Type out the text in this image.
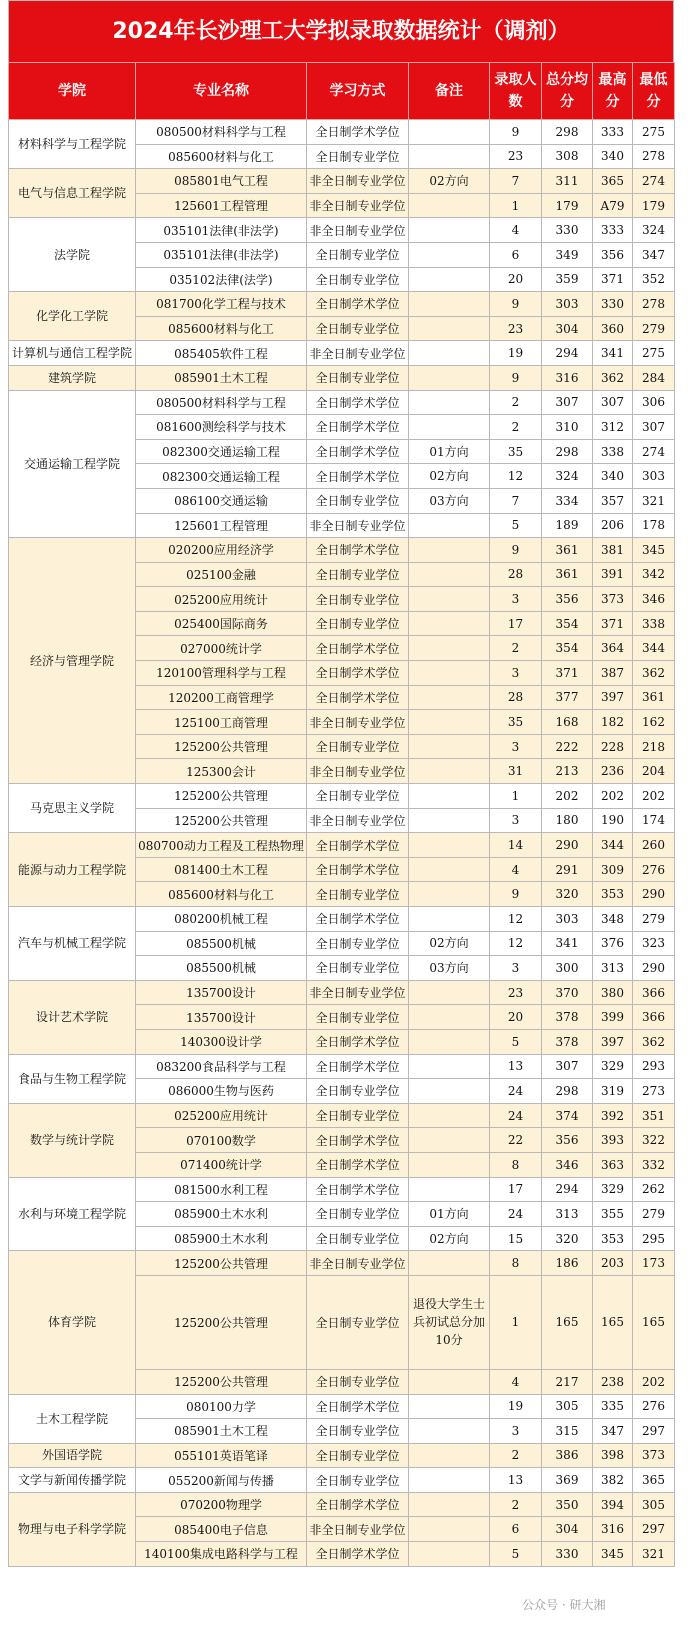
2024年长沙理工大学拟录取数据统计（调剂）
学院	专业名称	学习方式	备注	录取人数	总分均分	最高分	最低分
材料科学与工程学院	080500材料科学与工程	全日制学术学位		9	298	333	275
	085600材料与化工	全日制专业学位		23	308	340	278
电气与信息工程学院	085801电气工程	非全日制专业学位	02方向	7	311	365	274
	125601工程管理	非全日制专业学位		1	179	A79	179
法学院	035101法律(非法学)	非全日制专业学位		4	330	333	324
	035101法律(非法学)	全日制专业学位		6	349	356	347
	035102法律(法学)	全日制专业学位		20	359	371	352
化学化工学院	081700化学工程与技术	全日制学术学位		9	303	330	278
	085600材料与化工	全日制专业学位		23	304	360	279
计算机与通信工程学院	085405软件工程	非全日制专业学位		19	294	341	275
建筑学院	085901土木工程	全日制专业学位		9	316	362	284
交通运输工程学院	080500材料科学与工程	全日制学术学位		2	307	307	306
	081600测绘科学与技术	全日制学术学位		2	310	312	307
	082300交通运输工程	全日制学术学位	01方向	35	298	338	274
	082300交通运输工程	全日制学术学位	02方向	12	324	340	303
	086100交通运输	全日制专业学位	03方向	7	334	357	321
	125601工程管理	非全日制专业学位		5	189	206	178
经济与管理学院	020200应用经济学	全日制学术学位		9	361	381	345
	025100金融	全日制专业学位		28	361	391	342
	025200应用统计	全日制专业学位		3	356	373	346
	025400国际商务	全日制专业学位		17	354	371	338
	027000统计学	全日制学术学位		2	354	364	344
	120100管理科学与工程	全日制学术学位		3	371	387	362
	120200工商管理学	全日制学术学位		28	377	397	361
	125100工商管理	非全日制专业学位		35	168	182	162
	125200公共管理	全日制专业学位		3	222	228	218
	125300会计	非全日制专业学位		31	213	236	204
马克思主义学院	125200公共管理	全日制专业学位		1	202	202	202
	125200公共管理	非全日制专业学位		3	180	190	174
能源与动力工程学院	080700动力工程及工程热物理	全日制学术学位		14	290	344	260
	081400土木工程	全日制学术学位		4	291	309	276
	085600材料与化工	全日制专业学位		9	320	353	290
汽车与机械工程学院	080200机械工程	全日制学术学位		12	303	348	279
	085500机械	全日制专业学位	02方向	12	341	376	323
	085500机械	全日制专业学位	03方向	3	300	313	290
设计艺术学院	135700设计	非全日制专业学位		23	370	380	366
	135700设计	全日制专业学位		20	378	399	366
	140300设计学	全日制学术学位		5	378	397	362
食品与生物工程学院	083200食品科学与工程	全日制学术学位		13	307	329	293
	086000生物与医药	全日制专业学位		24	298	319	273
数学与统计学院	025200应用统计	全日制专业学位		24	374	392	351
	070100数学	全日制学术学位		22	356	393	322
	071400统计学	全日制学术学位		8	346	363	332
水利与环境工程学院	081500水利工程	全日制学术学位		17	294	329	262
	085900土木水利	全日制专业学位	01方向	24	313	355	279
	085900土木水利	全日制专业学位	02方向	15	320	353	295
体育学院	125200公共管理	非全日制专业学位		8	186	203	173
	125200公共管理	全日制专业学位	退役大学生士兵初试总分加10分	1	165	165	165
	125200公共管理	全日制专业学位		4	217	238	202
土木工程学院	080100力学	全日制学术学位		19	305	335	276
	085901土木工程	全日制专业学位		3	315	347	297
外国语学院	055101英语笔译	全日制专业学位		2	386	398	373
文学与新闻传播学院	055200新闻与传播	全日制专业学位		13	369	382	365
物理与电子科学学院	070200物理学	全日制学术学位		2	350	394	305
	085400电子信息	非全日制专业学位		6	304	316	297
	140100集成电路科学与工程	全日制学术学位		5	330	345	321
公众号 · 研大湘
